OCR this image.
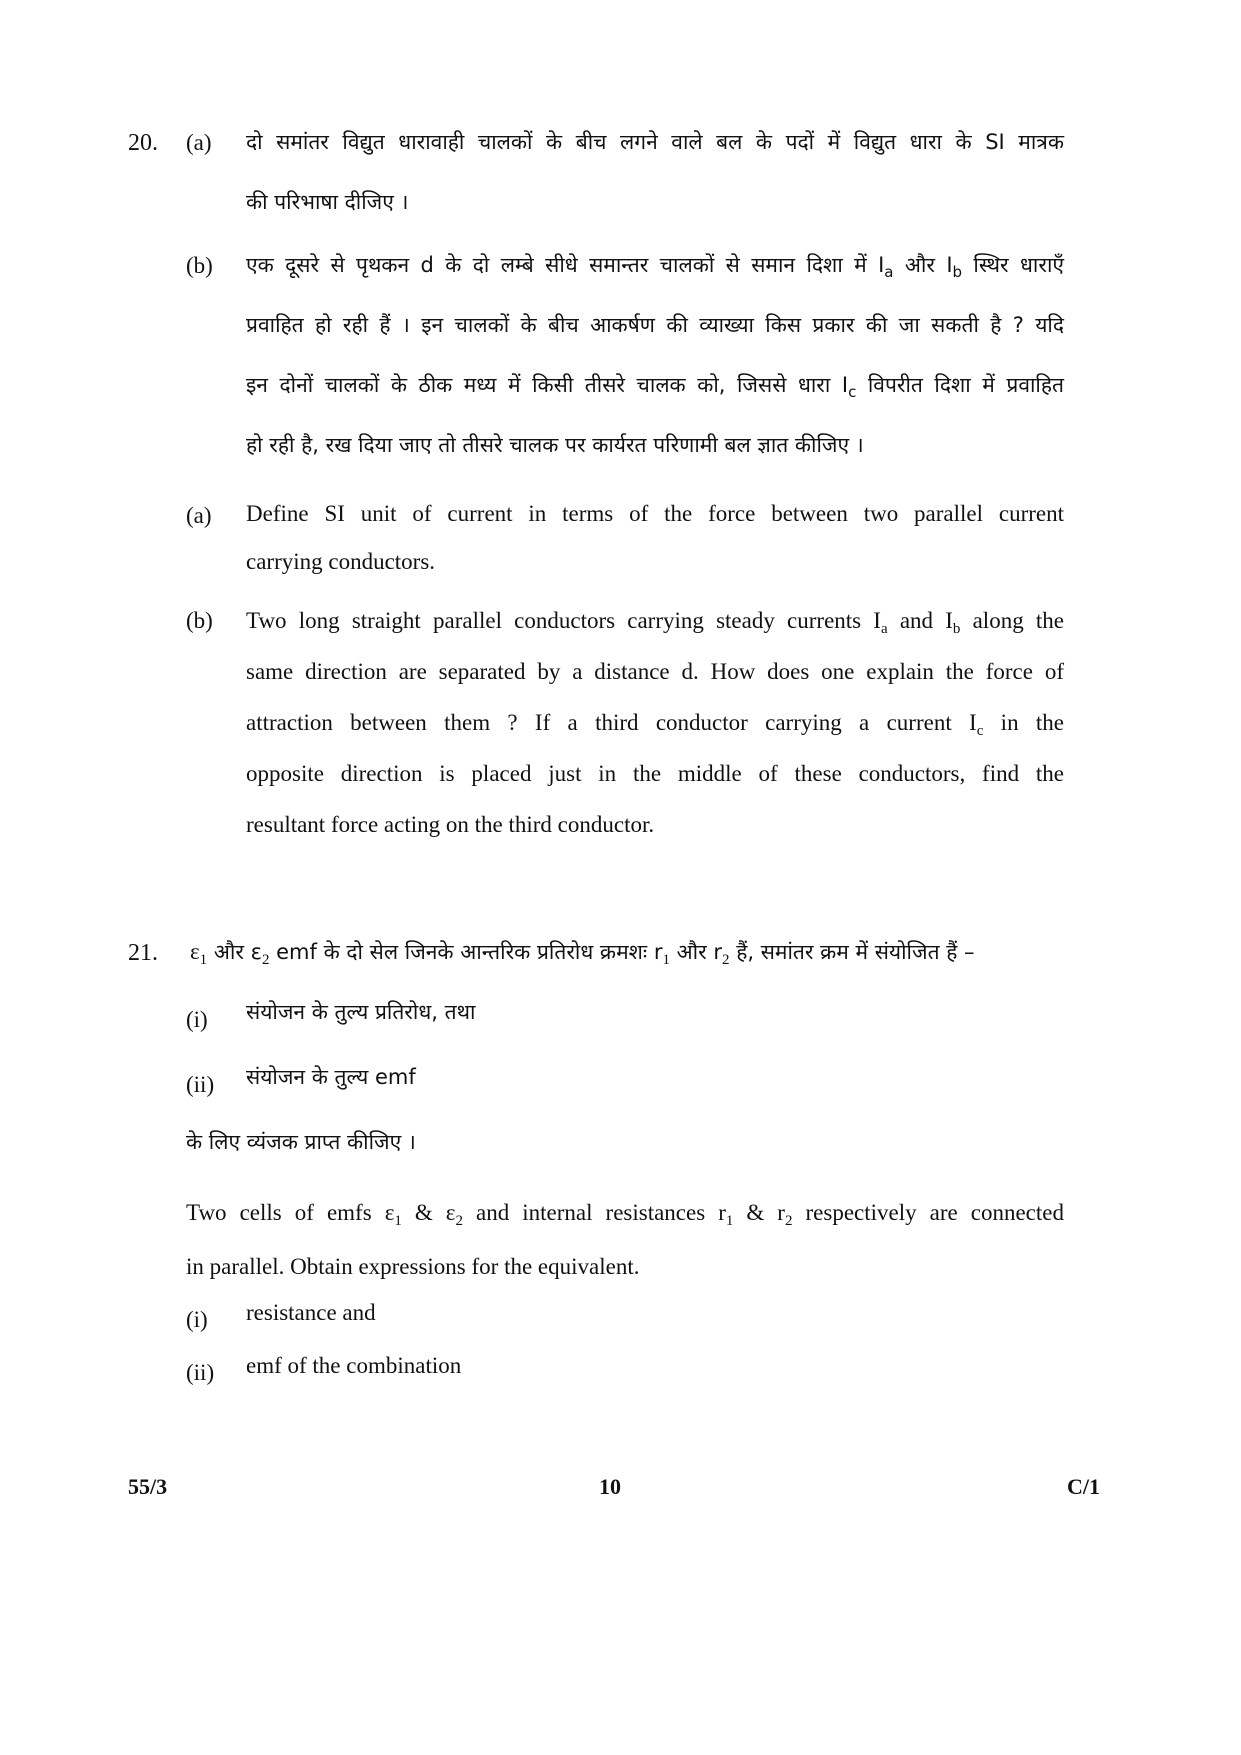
20. (a) दो समांतर विद्युत धारावाही चालकों के बीच लगने वाले बल के पदों में विद्युत धारा के SI मात्रक
की परिभाषा दीजिए ।
(b) एक दूसरे से पृथकन d के दो लम्बे सीधे समान्तर चालकों से समान दिशा में $I_a$ और $I_b$ स्थिर धाराएँ
प्रवाहित हो रही हैं । इन चालकों के बीच आकर्षण की व्याख्या किस प्रकार की जा सकती है ? यदि
इन दोनों चालकों के ठीक मध्य में किसी तीसरे चालक को, जिससे धारा $I_c$ विपरीत दिशा में प्रवाहित
हो रही है, रख दिया जाए तो तीसरे चालक पर कार्यरत परिणामी बल ज्ञात कीजिए ।
(a) Define SI unit of current in terms of the force between two parallel current
carrying conductors.
(b) Two long straight parallel conductors carrying steady currents $I_a$ and $I_b$ along the
same direction are separated by a distance d. How does one explain the force of
attraction between them ? If a third conductor carrying a current $I_c$ in the
opposite direction is placed just in the middle of these conductors, find the
resultant force acting on the third conductor.
21. $\varepsilon_1$ और $\varepsilon_2$ emf के दो सेल जिनके आन्तरिक प्रतिरोध क्रमशः $r_1$ और $r_2$ हैं, समांतर क्रम में संयोजित हैं –
(i) संयोजन के तुल्य प्रतिरोध, तथा
(ii) संयोजन के तुल्य emf
के लिए व्यंजक प्राप्त कीजिए ।
Two cells of emfs $\varepsilon_1$ & $\varepsilon_2$ and internal resistances $r_1$ & $r_2$ respectively are connected
in parallel. Obtain expressions for the equivalent.
(i) resistance and
(ii) emf of the combination
55/3	10	C/1
